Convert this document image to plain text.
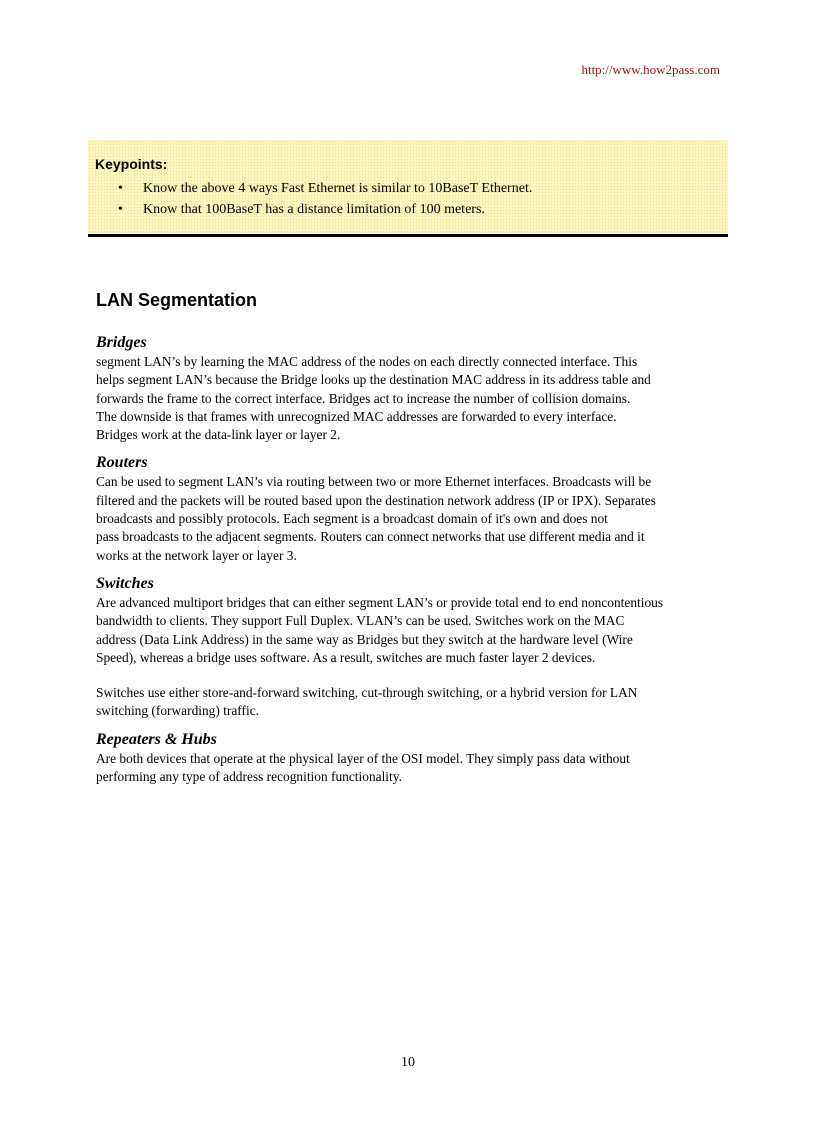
http://www.how2pass.com
Keypoints:
• Know the above 4 ways Fast Ethernet is similar to 10BaseT Ethernet.
• Know that 100BaseT has a distance limitation of 100 meters.
LAN Segmentation
Bridges

segment LAN’s by learning the MAC address of the nodes on each directly connected interface. This
helps segment LAN’s because the Bridge looks up the destination MAC address in its address table and
forwards the frame to the correct interface. Bridges act to increase the number of collision domains.
The downside is that frames with unrecognized MAC addresses are forwarded to every interface.
Bridges work at the data-link layer or layer 2.

Routers

Can be used to segment LAN’s via routing between two or more Ethernet interfaces. Broadcasts will be
filtered and the packets will be routed based upon the destination network address (IP or IPX). Separates
broadcasts and possibly protocols. Each segment is a broadcast domain of it's own and does not
pass broadcasts to the adjacent segments. Routers can connect networks that use different media and it
works at the network layer or layer 3.

Switches

Are advanced multiport bridges that can either segment LAN’s or provide total end to end noncontentious
bandwidth to clients. They support Full Duplex. VLAN’s can be used. Switches work on the MAC
address (Data Link Address) in the same way as Bridges but they switch at the hardware level (Wire
Speed), whereas a bridge uses software. As a result, switches are much faster layer 2 devices.

Switches use either store-and-forward switching, cut-through switching, or a hybrid version for LAN
switching (forwarding) traffic.

Repeaters & Hubs

Are both devices that operate at the physical layer of the OSI model. They simply pass data without
performing any type of address recognition functionality.

10
